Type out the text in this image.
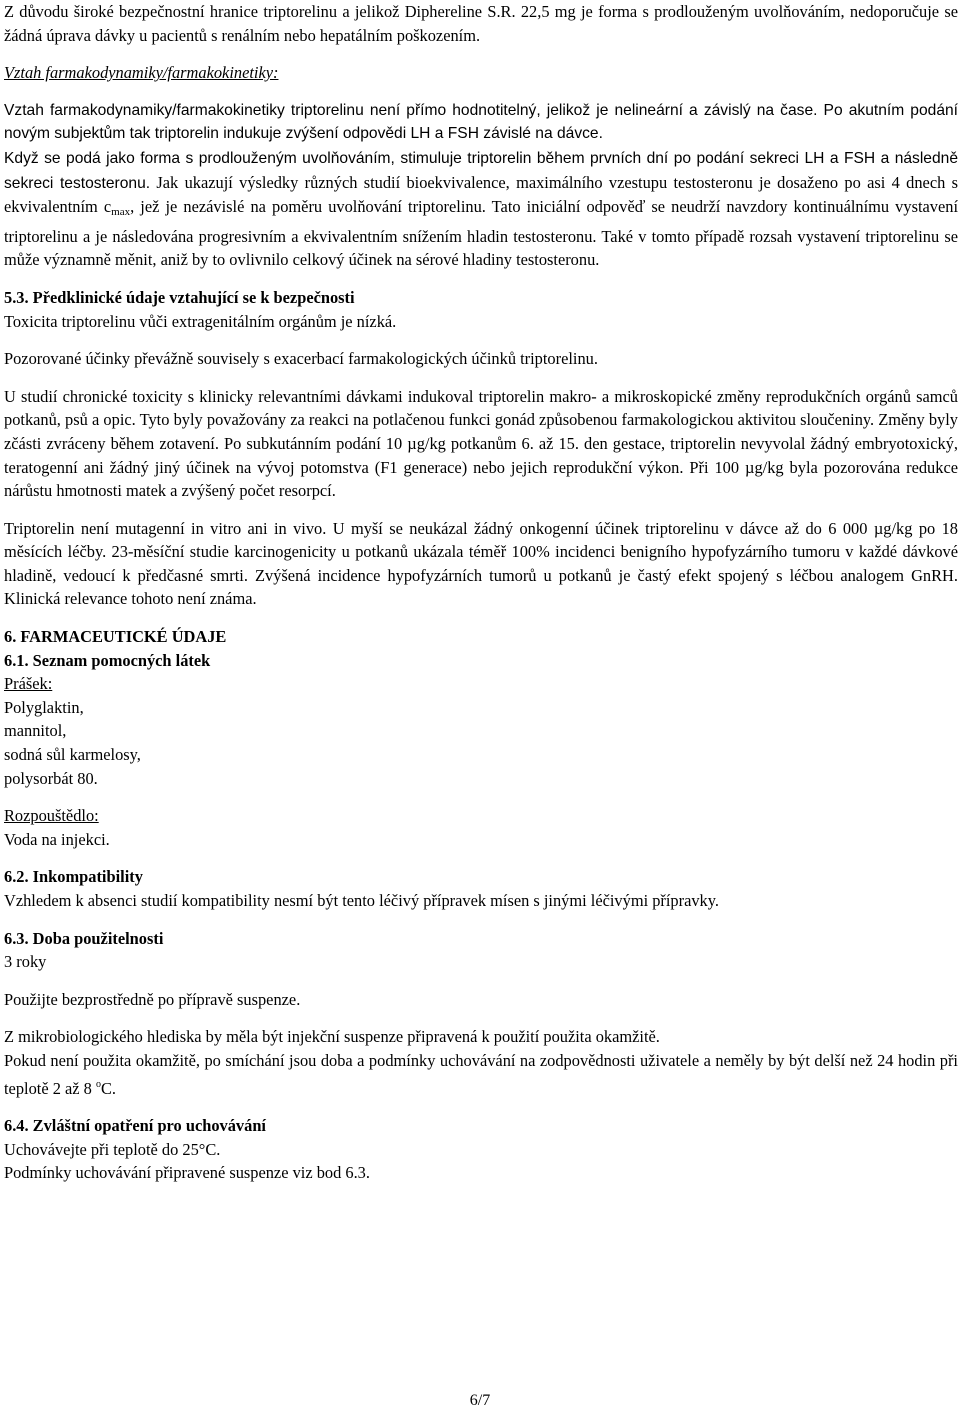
Z důvodu široké bezpečnostní hranice triptorelinu a jelikož Diphereline S.R. 22,5 mg je forma s prodlouženým uvolňováním, nedoporučuje se žádná úprava dávky u pacientů s renálním nebo hepatálním poškozením.

Vztah farmakodynamiky/farmakokinetiky:

Vztah farmakodynamiky/farmakokinetiky triptorelinu není přímo hodnotitelný, jelikož je nelineární a závislý na čase. Po akutním podání novým subjektům tak triptorelin indukuje zvýšení odpovědi LH a FSH závislé na dávce.

Když se podá jako forma s prodlouženým uvolňováním, stimuluje triptorelin během prvních dní po podání sekreci LH a FSH a následně sekreci testosteronu. Jak ukazují výsledky různých studií bioekvivalence, maximálního vzestupu testosteronu je dosaženo po asi 4 dnech s ekvivalentním $c_{max}$, jež je nezávislé na poměru uvolňování triptorelinu. Tato iniciální odpověď se neudrží navzdory kontinuálnímu vystavení triptorelinu a je následována progresivním a ekvivalentním snížením hladin testosteronu. Také v tomto případě rozsah vystavení triptorelinu se může významně měnit, aniž by to ovlivnilo celkový účinek na sérové hladiny testosteronu.

5.3. Předklinické údaje vztahující se k bezpečnosti

Toxicita triptorelinu vůči extragenitálním orgánům je nízká.

Pozorované účinky převážně souvisely s exacerbací farmakologických účinků triptorelinu.

U studií chronické toxicity s klinicky relevantními dávkami indukoval triptorelin makro- a mikroskopické změny reprodukčních orgánů samců potkanů, psů a opic. Tyto byly považovány za reakci na potlačenou funkci gonád způsobenou farmakologickou aktivitou sloučeniny. Změny byly zčásti zvráceny během zotavení. Po subkutánním podání 10 µg/kg potkanům 6. až 15. den gestace, triptorelin nevyvolal žádný embryotoxický, teratogenní ani žádný jiný účinek na vývoj potomstva (F1 generace) nebo jejich reprodukční výkon. Při 100 µg/kg byla pozorována redukce nárůstu hmotnosti matek a zvýšený počet resorpcí.

Triptorelin není mutagenní in vitro ani in vivo. U myší se neukázal žádný onkogenní účinek triptorelinu v dávce až do 6 000 µg/kg po 18 měsících léčby. 23-měsíční studie karcinogenicity u potkanů ukázala téměř 100% incidenci benigního hypofyzárního tumoru v každé dávkové hladině, vedoucí k předčasné smrti. Zvýšená incidence hypofyzárních tumorů u potkanů je častý efekt spojený s léčbou analogem GnRH. Klinická relevance tohoto není známa.

6. FARMACEUTICKÉ ÚDAJE

6.1. Seznam pomocných látek

Prášek:

Polyglaktin,

mannitol,

sodná sůl karmelosy,

polysorbát 80.

Rozpouštědlo:

Voda na injekci.

6.2. Inkompatibility

Vzhledem k absenci studií kompatibility nesmí být tento léčivý přípravek mísen s jinými léčivými přípravky.

6.3. Doba použitelnosti

3 roky

Použijte bezprostředně po přípravě suspenze.

Z mikrobiologického hlediska by měla být injekční suspenze připravená k použití použita okamžitě.

Pokud není použita okamžitě, po smíchání jsou doba a podmínky uchovávání na zodpovědnosti uživatele a neměly by být delší než 24 hodin při teplotě 2 až 8 $^o$C.

6.4. Zvláštní opatření pro uchovávání

Uchovávejte při teplotě do 25°C.

Podmínky uchovávání připravené suspenze viz bod 6.3.

6/7
